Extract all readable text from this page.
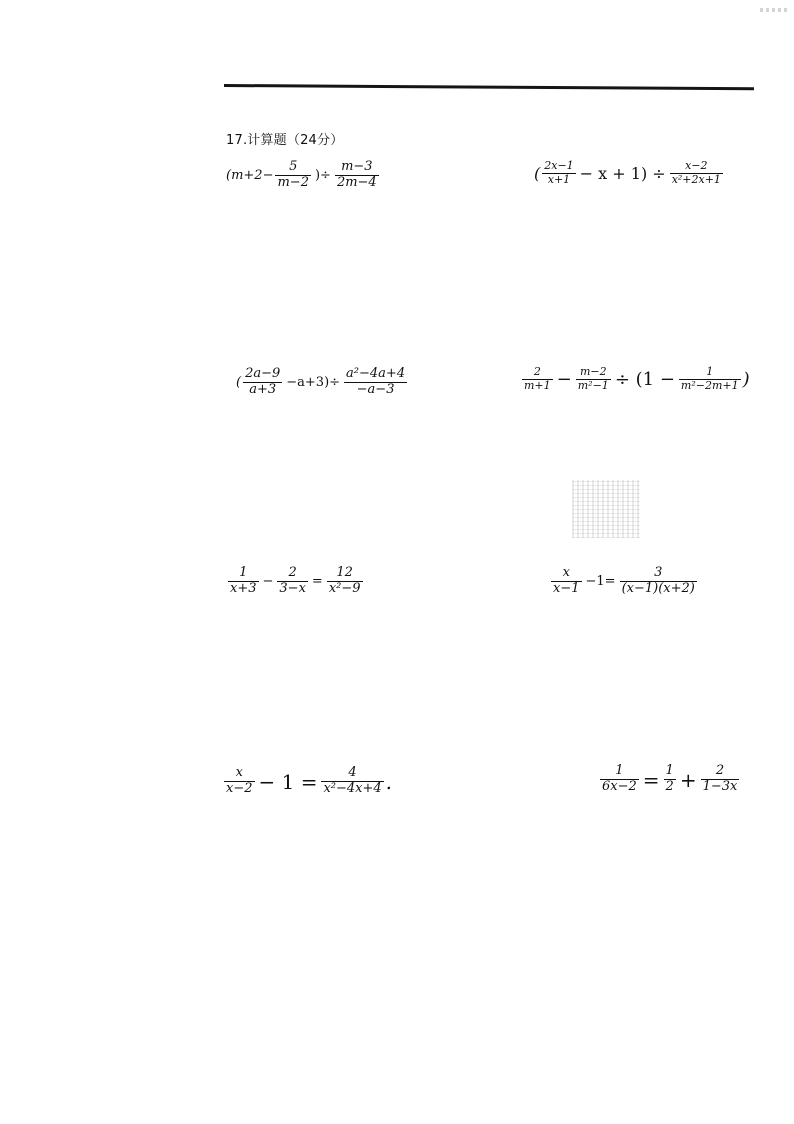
17.计算题（24分）
($m+2- \frac{5}{m-2}$ )÷ $\frac{m-3}{2m-4}$	( $\frac{2x-1}{x+1} - x + 1) \div \frac{x-2}{\text{x²+2x+1}}$
( $\frac{2a-9}{a+3} -a+3)\div \frac{\text{a²−4a+4}}{-a-3}$	$\frac{2}{m+1} - \frac{m-2}{\text{m²−1}} \div (1 - \frac{1}{\text{m²−2m+1}}$ )
$\frac{1}{x+3} - \frac{2}{3-x} = \frac{12}{\text{x²−9}}$	$\frac{x}{x-1} -1= \frac{3}{(x-1)(x+2)}$
$\frac{x}{x-2} - 1 = \frac{4}{\text{x²−4x+4}}$ .	$\frac{1}{6x-2} = \frac{1}{2} + \frac{2}{1-3x}$
